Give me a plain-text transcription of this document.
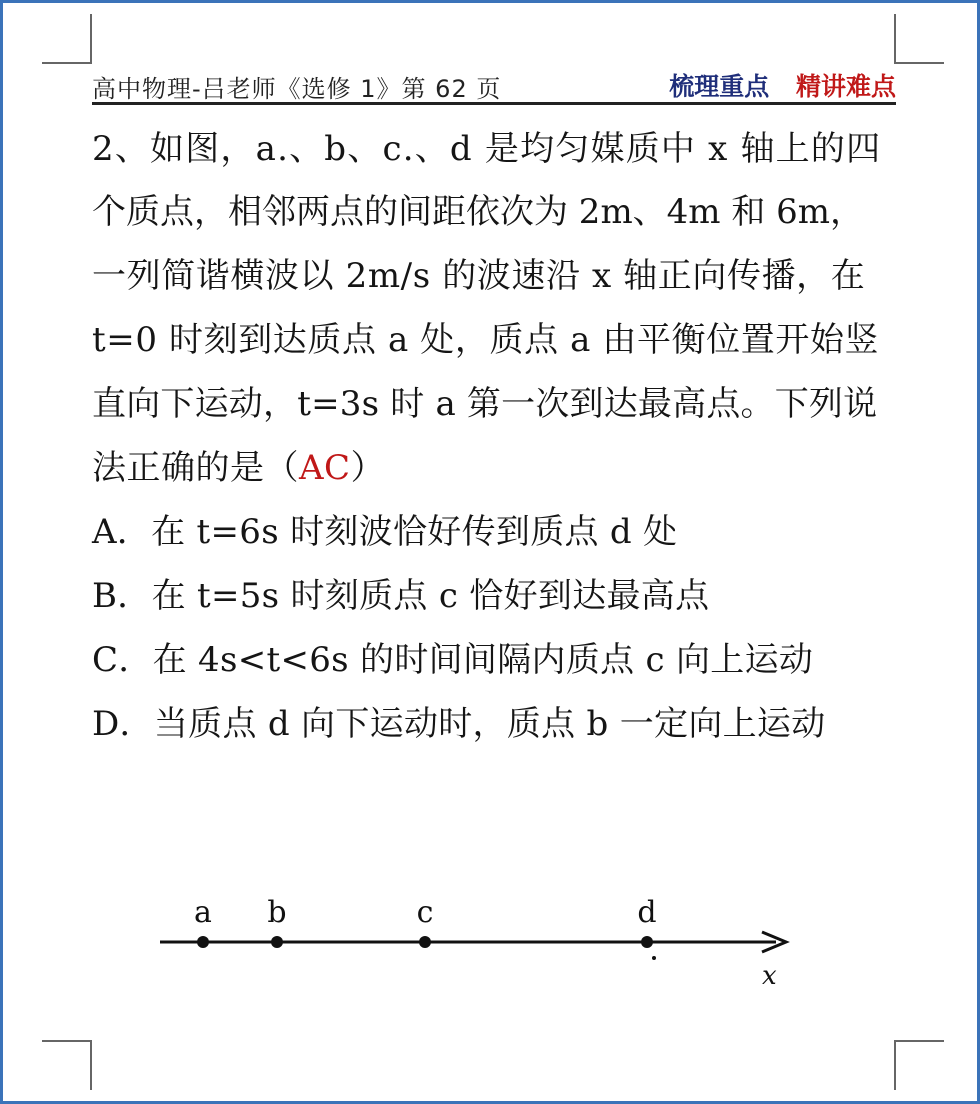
高中物理-吕老师《选修 1》第 62 页	梳理重点 精讲难点
2、如图，a.、b、c.、d 是均匀媒质中 x 轴上的四
个质点，相邻两点的间距依次为 2m、4m 和 6m，
一列简谐横波以 2m/s 的波速沿 x 轴正向传播，在
t=0 时刻到达质点 a 处，质点 a 由平衡位置开始竖
直向下运动，t=3s 时 a 第一次到达最高点。下列说
法正确的是（AC）
A．在 t=6s 时刻波恰好传到质点 d 处
B．在 t=5s 时刻质点 c 恰好到达最高点
C．在 4s<t<6s 的时间间隔内质点 c 向上运动
D．当质点 d 向下运动时，质点 b 一定向上运动
x
a b	c	d
